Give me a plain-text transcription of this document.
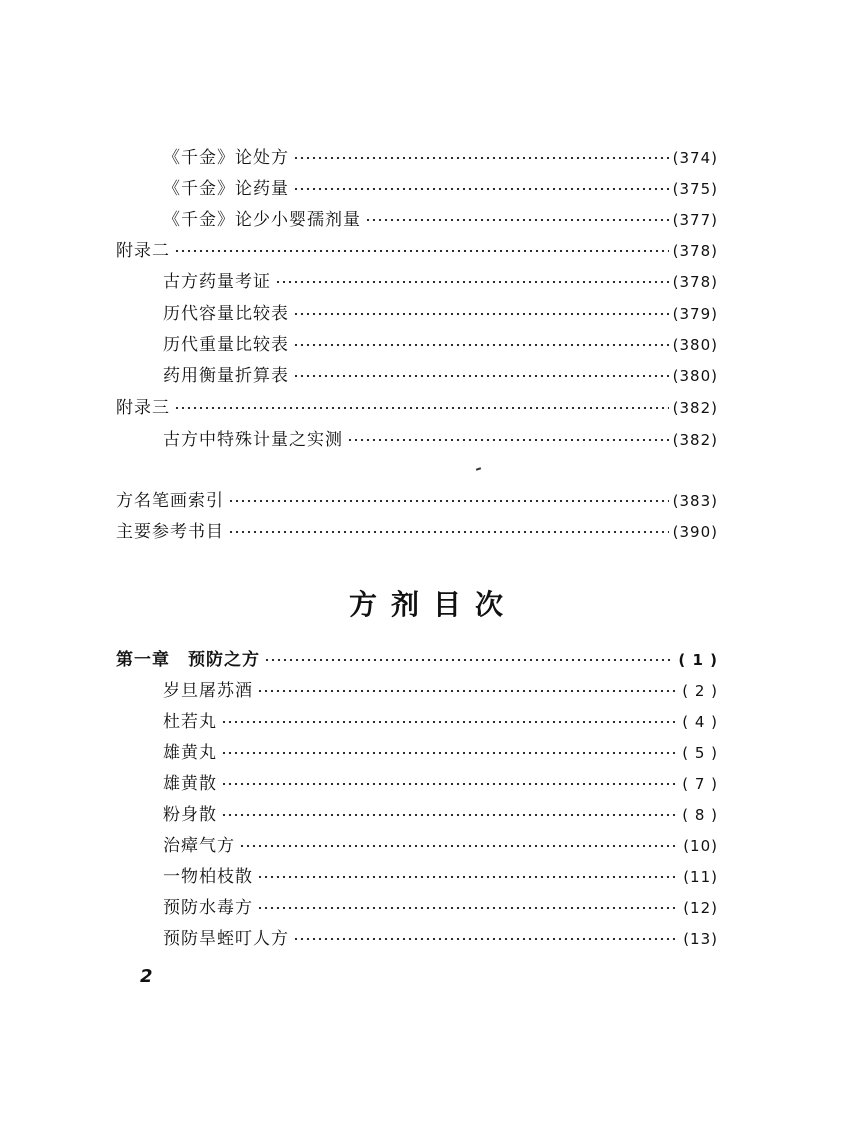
《千金》论处方	(374)
《千金》论药量	(375)
《千金》论少小婴孺剂量	(377)
附录二	(378)
古方药量考证	(378)
历代容量比较表	(379)
历代重量比较表	(380)
药用衡量折算表	(380)
附录三	(382)
古方中特殊计量之实测	(382)
方名笔画索引	(383)
主要参考书目	(390)
方剂目次
第一章　预防之方	( 1 )
岁旦屠苏酒	( 2 )
杜若丸	( 4 )
雄黄丸	( 5 )
雄黄散	( 7 )
粉身散	( 8 )
治瘴气方	(10)
一物柏枝散	(11)
预防水毒方	(12)
预防旱蛭叮人方	(13)
2
